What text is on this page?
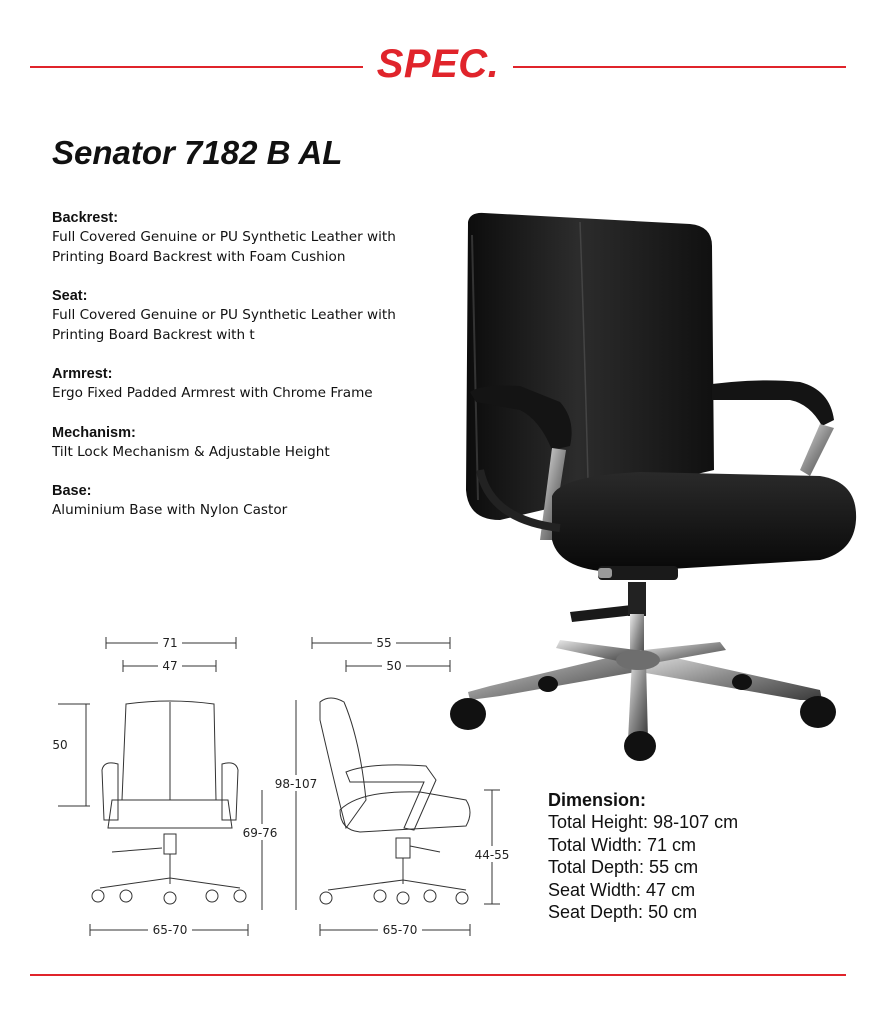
SPEC.
Senator 7182 B AL
Backrest:
Full Covered Genuine or PU Synthetic Leather with Printing Board Backrest with Foam Cushion
Seat:
Full Covered Genuine or PU Synthetic Leather with Printing Board Backrest with t
Armrest:
Ergo Fixed Padded Armrest with Chrome Frame
Mechanism:
Tilt Lock Mechanism & Adjustable Height
Base:
Aluminium Base with Nylon Castor
71
47
50
69-76
65-70
55
50
98-107
44-55
65-70
Dimension:
Total Height: 98-107 cm
Total Width: 71 cm
Total Depth: 55 cm
Seat Width: 47 cm
Seat Depth: 50 cm
